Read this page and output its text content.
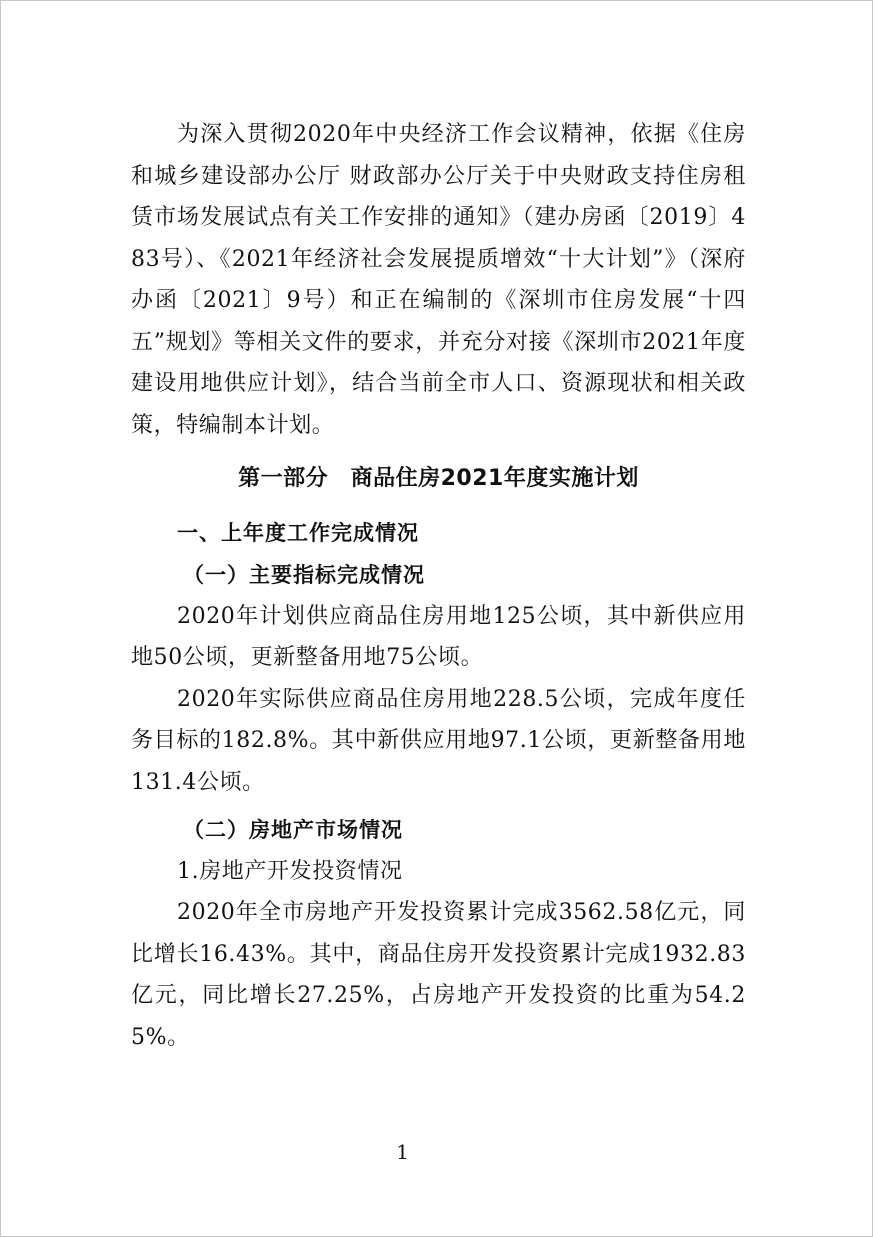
为深入贯彻2020年中央经济工作会议精神，依据《住房和城乡建设部办公厅 财政部办公厅关于中央财政支持住房租赁市场发展试点有关工作安排的通知》（建办房函〔2019〕483号）、《2021年经济社会发展提质增效“十大计划”》（深府办函〔2021〕9号）和正在编制的《深圳市住房发展“十四五”规划》等相关文件的要求，并充分对接《深圳市2021年度建设用地供应计划》，结合当前全市人口、资源现状和相关政策，特编制本计划。

第一部分　商品住房2021年度实施计划
一、上年度工作完成情况
（一）主要指标完成情况

2020年计划供应商品住房用地125公顷，其中新供应用地50公顷，更新整备用地75公顷。

2020年实际供应商品住房用地228.5公顷，完成年度任务目标的182.8%。其中新供应用地97.1公顷，更新整备用地131.4公顷。

（二）房地产市场情况

1.房地产开发投资情况

2020年全市房地产开发投资累计完成3562.58亿元，同比增长16.43%。其中，商品住房开发投资累计完成1932.83亿元，同比增长27.25%，占房地产开发投资的比重为54.25%。

1
